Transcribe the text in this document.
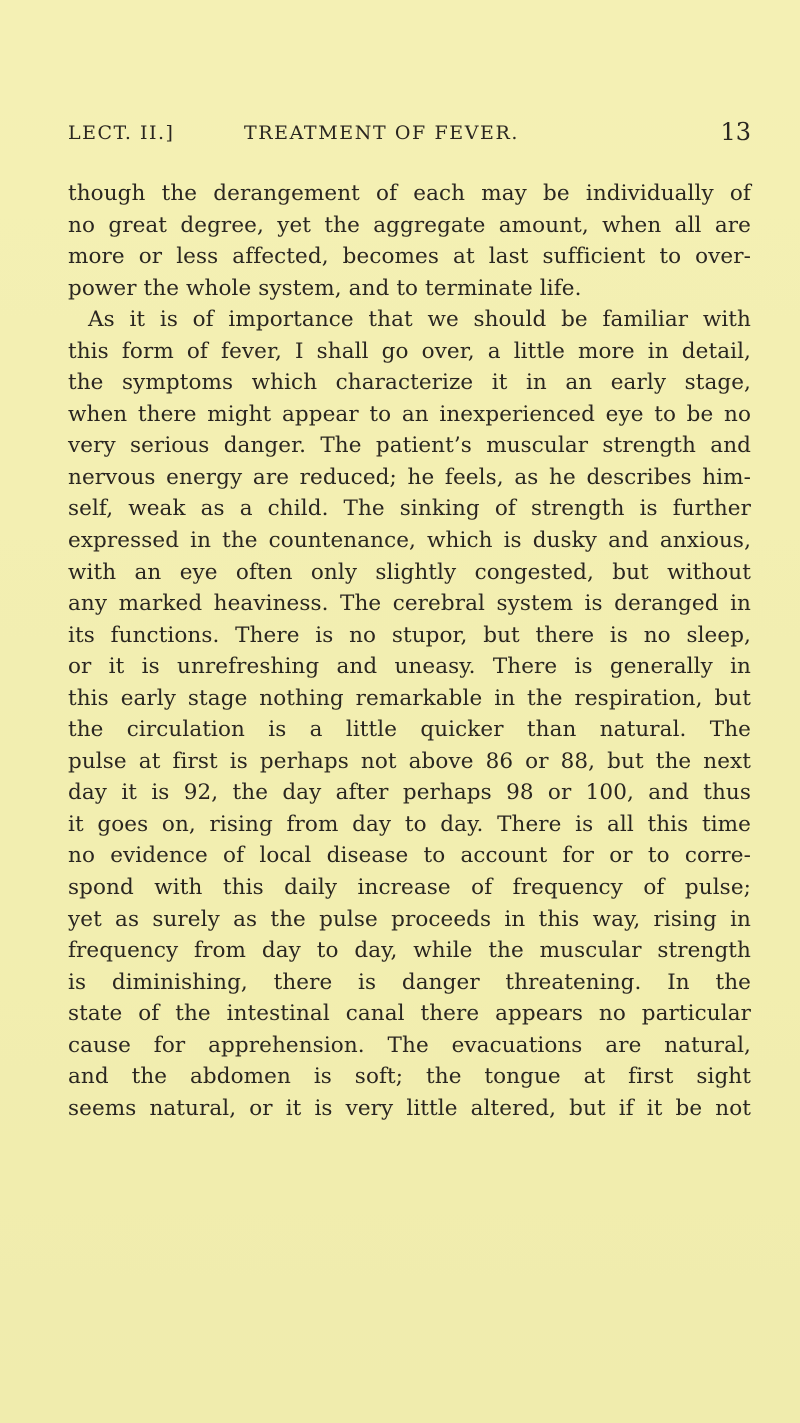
LECT. II.]	TREATMENT OF FEVER.	13
though the derangement of each may be individually of
no great degree, yet the aggregate amount, when all are
more or less affected, becomes at last sufficient to over-
power the whole system, and to terminate life.
As it is of importance that we should be familiar with
this form of fever, I shall go over, a little more in detail,
the symptoms which characterize it in an early stage,
when there might appear to an inexperienced eye to be no
very serious danger. The patient’s muscular strength and
nervous energy are reduced; he feels, as he describes him-
self, weak as a child. The sinking of strength is further
expressed in the countenance, which is dusky and anxious,
with an eye often only slightly congested, but without
any marked heaviness. The cerebral system is deranged in
its functions. There is no stupor, but there is no sleep,
or it is unrefreshing and uneasy. There is generally in
this early stage nothing remarkable in the respiration, but
the circulation is a little quicker than natural. The
pulse at first is perhaps not above 86 or 88, but the next
day it is 92, the day after perhaps 98 or 100, and thus
it goes on, rising from day to day. There is all this time
no evidence of local disease to account for or to corre-
spond with this daily increase of frequency of pulse;
yet as surely as the pulse proceeds in this way, rising in
frequency from day to day, while the muscular strength
is diminishing, there is danger threatening. In the
state of the intestinal canal there appears no particular
cause for apprehension. The evacuations are natural,
and the abdomen is soft; the tongue at first sight
seems natural, or it is very little altered, but if it be not
